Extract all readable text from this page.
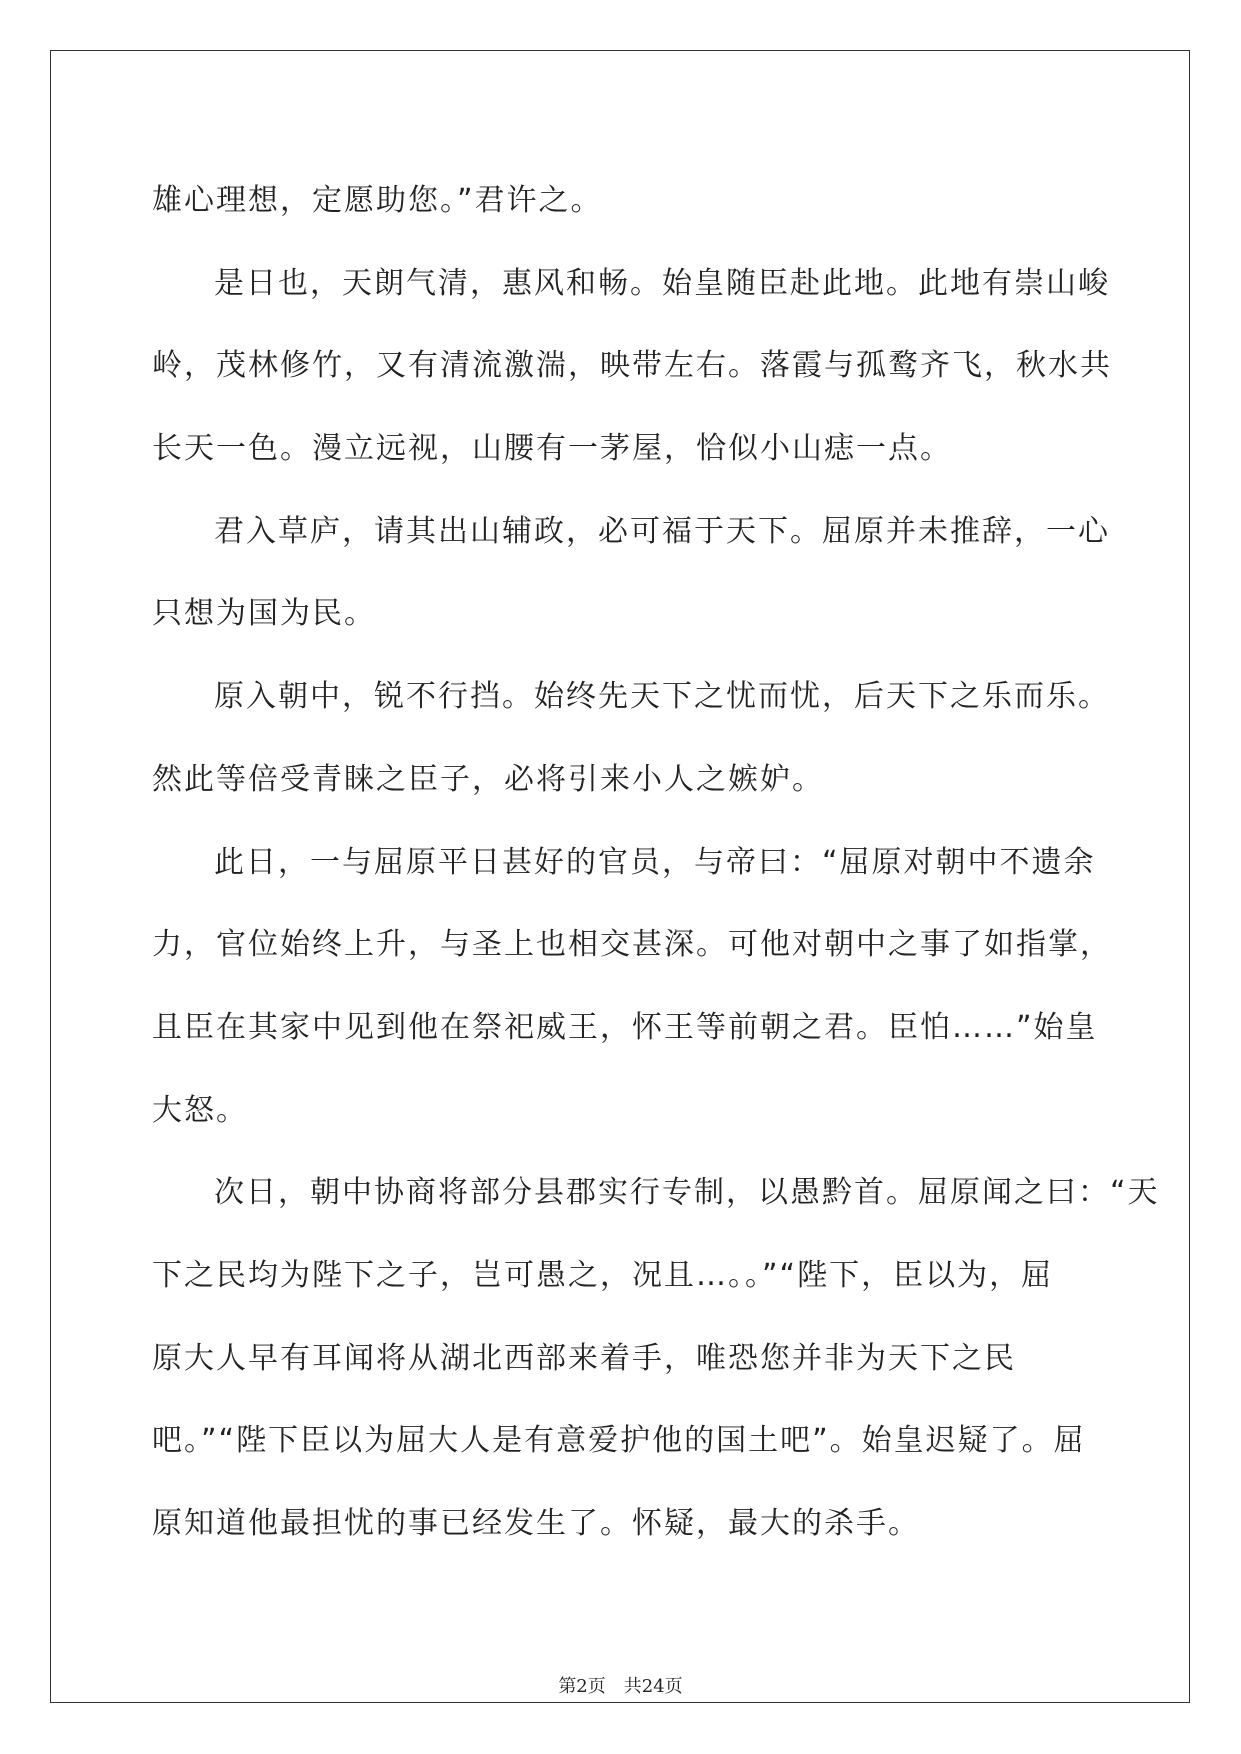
雄心理想，定愿助您。”君许之。
是日也，天朗气清，惠风和畅。始皇随臣赴此地。此地有崇山峻
岭，茂林修竹，又有清流激湍，映带左右。落霞与孤鹜齐飞，秋水共
长天一色。漫立远视，山腰有一茅屋，恰似小山痣一点。
君入草庐，请其出山辅政，必可福于天下。屈原并未推辞，一心
只想为国为民。
原入朝中，锐不行挡。始终先天下之忧而忧，后天下之乐而乐。
然此等倍受青睐之臣子，必将引来小人之嫉妒。
此日，一与屈原平日甚好的官员，与帝曰：“屈原对朝中不遗余
力，官位始终上升，与圣上也相交甚深。可他对朝中之事了如指掌，
且臣在其家中见到他在祭祀威王，怀王等前朝之君。臣怕……”始皇
大怒。
次日，朝中协商将部分县郡实行专制，以愚黔首。屈原闻之曰：“天
下之民均为陛下之子，岂可愚之，况且…。。”“陛下，臣以为，屈
原大人早有耳闻将从湖北西部来着手，唯恐您并非为天下之民
吧。”“陛下臣以为屈大人是有意爱护他的国土吧”。始皇迟疑了。屈
原知道他最担忧的事已经发生了。怀疑，最大的杀手。
第2页 共24页
